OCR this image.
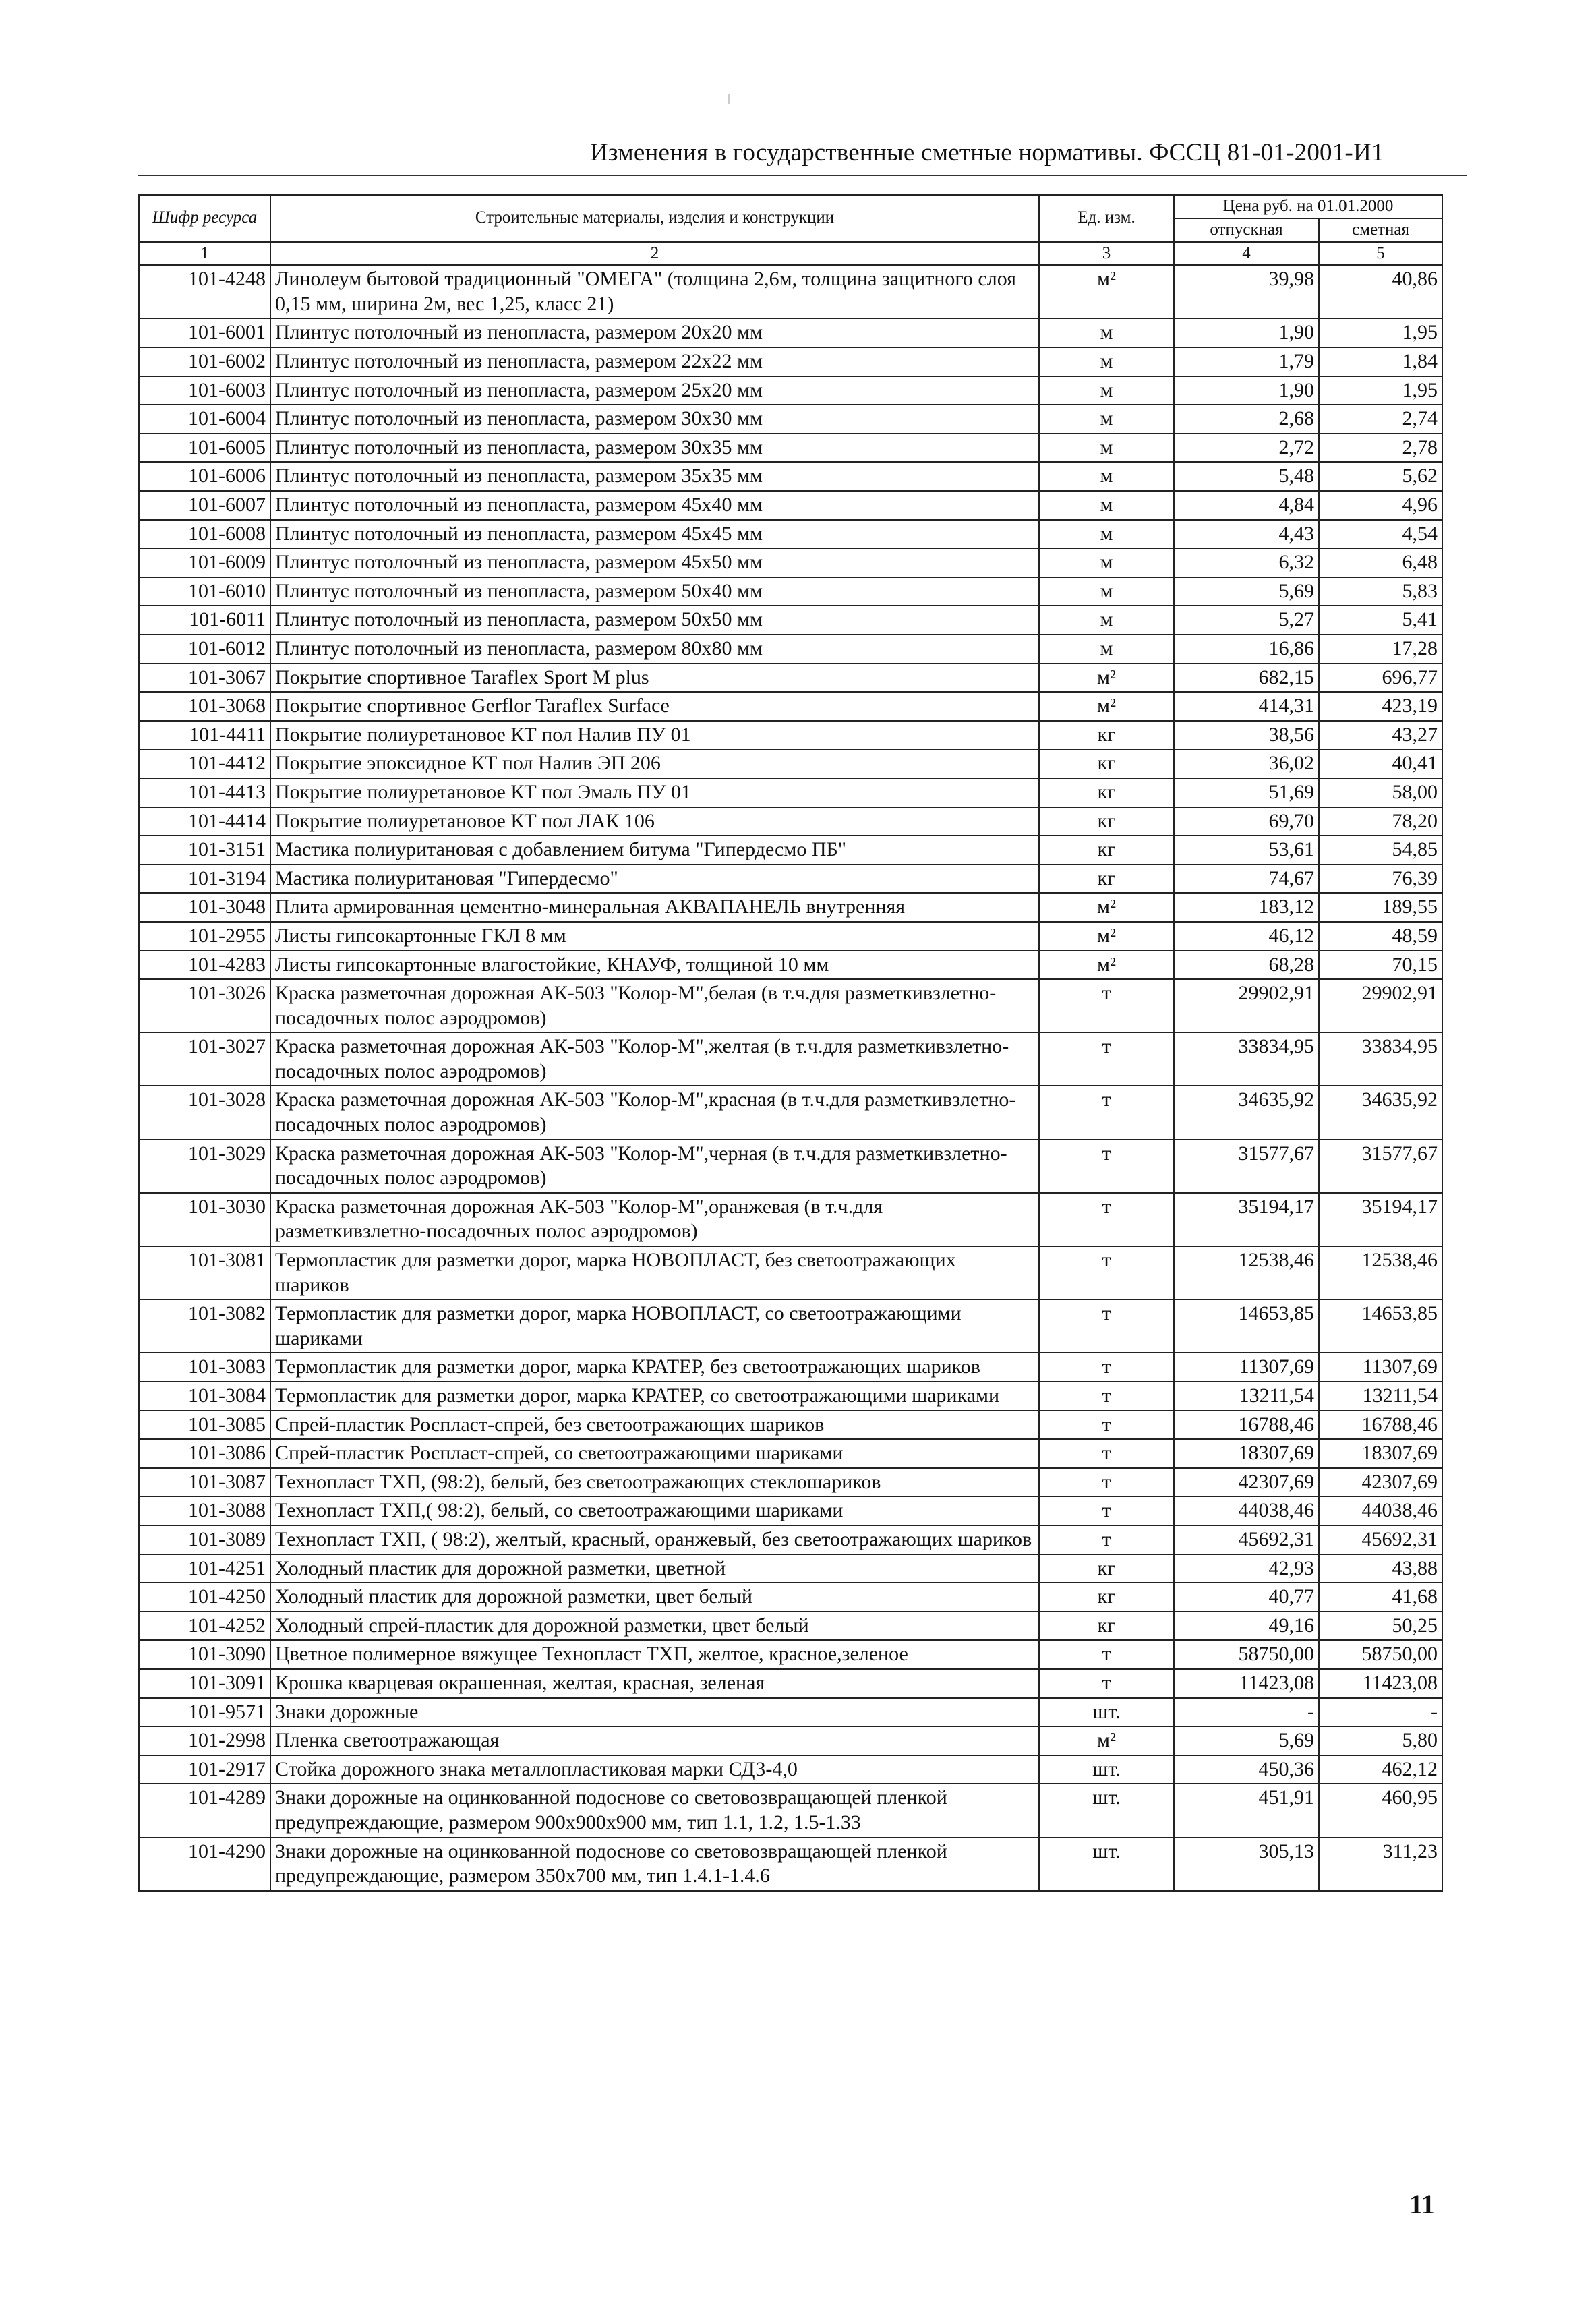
Изменения в государственные сметные нормативы. ФССЦ 81-01-2001-И1
Шифр ресурса	Строительные материалы, изделия и конструкции	Ед. изм.	Цена руб. на 01.01.2000	
			отпускная	сметная
1	2	3	4	5
101-4248	Линолеум бытовой традиционный "ОМЕГА" (толщина 2,6м, толщина защитного слоя 0,15 мм, ширина 2м, вес 1,25, класс 21)	м²	39,98	40,86
101-6001	Плинтус потолочный из пенопласта, размером 20х20 мм	м	1,90	1,95
101-6002	Плинтус потолочный из пенопласта, размером 22х22 мм	м	1,79	1,84
101-6003	Плинтус потолочный из пенопласта, размером 25х20 мм	м	1,90	1,95
101-6004	Плинтус потолочный из пенопласта, размером 30х30 мм	м	2,68	2,74
101-6005	Плинтус потолочный из пенопласта, размером 30х35 мм	м	2,72	2,78
101-6006	Плинтус потолочный из пенопласта, размером 35х35 мм	м	5,48	5,62
101-6007	Плинтус потолочный из пенопласта, размером 45х40 мм	м	4,84	4,96
101-6008	Плинтус потолочный из пенопласта, размером 45х45 мм	м	4,43	4,54
101-6009	Плинтус потолочный из пенопласта, размером 45х50 мм	м	6,32	6,48
101-6010	Плинтус потолочный из пенопласта, размером 50х40 мм	м	5,69	5,83
101-6011	Плинтус потолочный из пенопласта, размером 50х50 мм	м	5,27	5,41
101-6012	Плинтус потолочный из пенопласта, размером 80х80 мм	м	16,86	17,28
101-3067	Покрытие спортивное Taraflex Sport M plus	м²	682,15	696,77
101-3068	Покрытие спортивное Gerflor Taraflex Surface	м²	414,31	423,19
101-4411	Покрытие полиуретановое КТ пол Налив ПУ 01	кг	38,56	43,27
101-4412	Покрытие эпоксидное КТ пол Налив ЭП 206	кг	36,02	40,41
101-4413	Покрытие полиуретановое КТ пол Эмаль ПУ 01	кг	51,69	58,00
101-4414	Покрытие полиуретановое КТ пол ЛАК 106	кг	69,70	78,20
101-3151	Мастика полиуритановая с добавлением битума "Гипердесмо ПБ"	кг	53,61	54,85
101-3194	Мастика полиуритановая "Гипердесмо"	кг	74,67	76,39
101-3048	Плита армированная цементно-минеральная АКВАПАНЕЛЬ внутренняя	м²	183,12	189,55
101-2955	Листы гипсокартонные ГКЛ 8 мм	м²	46,12	48,59
101-4283	Листы гипсокартонные влагостойкие, КНАУФ, толщиной 10 мм	м²	68,28	70,15
101-3026	Краска разметочная дорожная АК-503 "Колор-М",белая (в т.ч.для разметкивзлетно-посадочных полос аэродромов)	т	29902,91	29902,91
101-3027	Краска разметочная дорожная АК-503 "Колор-М",желтая (в т.ч.для разметкивзлетно-посадочных полос аэродромов)	т	33834,95	33834,95
101-3028	Краска разметочная дорожная АК-503 "Колор-М",красная (в т.ч.для разметкивзлетно-посадочных полос аэродромов)	т	34635,92	34635,92
101-3029	Краска разметочная дорожная АК-503 "Колор-М",черная (в т.ч.для разметкивзлетно-посадочных полос аэродромов)	т	31577,67	31577,67
101-3030	Краска разметочная дорожная АК-503 "Колор-М",оранжевая (в т.ч.для разметкивзлетно-посадочных полос аэродромов)	т	35194,17	35194,17
101-3081	Термопластик для разметки дорог, марка НОВОПЛАСТ, без светоотражающих шариков	т	12538,46	12538,46
101-3082	Термопластик для разметки дорог, марка НОВОПЛАСТ, со светоотражающими шариками	т	14653,85	14653,85
101-3083	Термопластик для разметки дорог, марка КРАТЕР, без светоотражающих шариков	т	11307,69	11307,69
101-3084	Термопластик для разметки дорог, марка КРАТЕР, со светоотражающими шариками	т	13211,54	13211,54
101-3085	Спрей-пластик Роспласт-спрей, без светоотражающих шариков	т	16788,46	16788,46
101-3086	Спрей-пластик Роспласт-спрей, со светоотражающими шариками	т	18307,69	18307,69
101-3087	Технопласт ТХП, (98:2), белый, без светоотражающих стеклошариков	т	42307,69	42307,69
101-3088	Технопласт ТХП,( 98:2), белый, со светоотражающими шариками	т	44038,46	44038,46
101-3089	Технопласт ТХП, ( 98:2), желтый, красный, оранжевый, без светоотражающих шариков	т	45692,31	45692,31
101-4251	Холодный пластик для дорожной разметки, цветной	кг	42,93	43,88
101-4250	Холодный пластик для дорожной разметки, цвет белый	кг	40,77	41,68
101-4252	Холодный спрей-пластик для дорожной разметки, цвет белый	кг	49,16	50,25
101-3090	Цветное полимерное вяжущее Технопласт ТХП, желтое, красное,зеленое	т	58750,00	58750,00
101-3091	Крошка кварцевая окрашенная, желтая, красная, зеленая	т	11423,08	11423,08
101-9571	Знаки дорожные	шт.	-	-
101-2998	Пленка светоотражающая	м²	5,69	5,80
101-2917	Стойка дорожного знака металлопластиковая марки СДЗ-4,0	шт.	450,36	462,12
101-4289	Знаки дорожные на оцинкованной подоснове со световозвращающей пленкой предупреждающие, размером 900х900х900 мм, тип 1.1, 1.2, 1.5-1.33	шт.	451,91	460,95
101-4290	Знаки дорожные на оцинкованной подоснове со световозвращающей пленкой предупреждающие, размером 350х700 мм, тип 1.4.1-1.4.6	шт.	305,13	311,23
11
